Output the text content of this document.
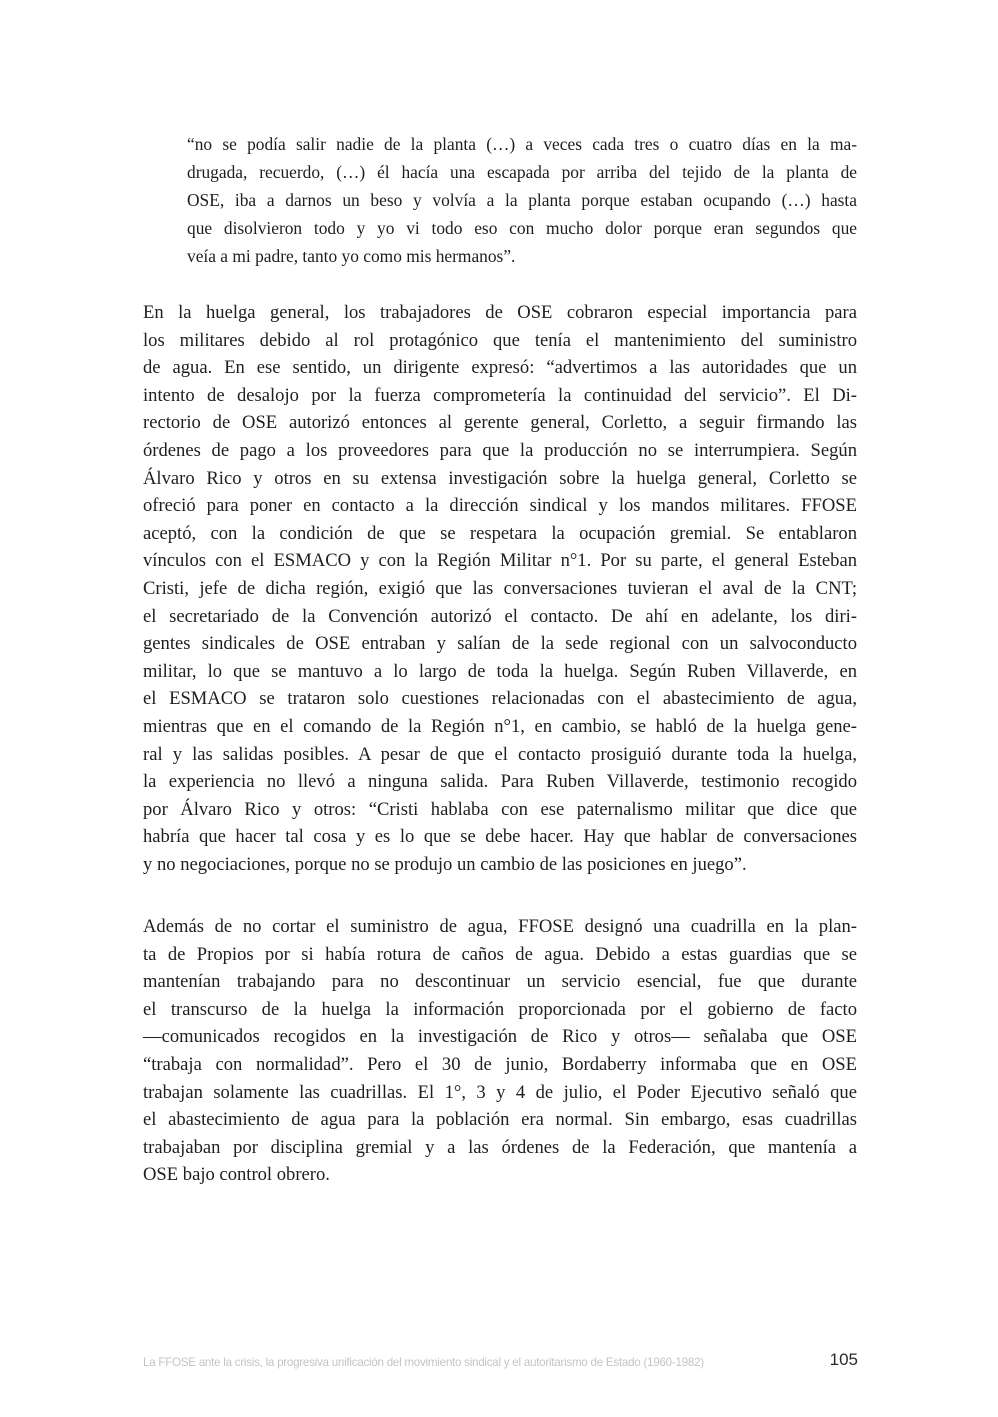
“no se podía salir nadie de la planta (…) a veces cada tres o cuatro días en la ma-
drugada, recuerdo, (…) él hacía una escapada por arriba del tejido de la planta de
OSE, iba a darnos un beso y volvía a la planta porque estaban ocupando (…) hasta
que disolvieron todo y yo vi todo eso con mucho dolor porque eran segundos que
veía a mi padre, tanto yo como mis hermanos”.
En la huelga general, los trabajadores de OSE cobraron especial importancia para
los militares debido al rol protagónico que tenía el mantenimiento del suministro
de agua. En ese sentido, un dirigente expresó: “advertimos a las autoridades que un
intento de desalojo por la fuerza comprometería la continuidad del servicio”. El Di-
rectorio de OSE autorizó entonces al gerente general, Corletto, a seguir firmando las
órdenes de pago a los proveedores para que la producción no se interrumpiera. Según
Álvaro Rico y otros en su extensa investigación sobre la huelga general, Corletto se
ofreció para poner en contacto a la dirección sindical y los mandos militares. FFOSE
aceptó, con la condición de que se respetara la ocupación gremial. Se entablaron
vínculos con el ESMACO y con la Región Militar n°1. Por su parte, el general Esteban
Cristi, jefe de dicha región, exigió que las conversaciones tuvieran el aval de la CNT;
el secretariado de la Convención autorizó el contacto. De ahí en adelante, los diri-
gentes sindicales de OSE entraban y salían de la sede regional con un salvoconducto
militar, lo que se mantuvo a lo largo de toda la huelga. Según Ruben Villaverde, en
el ESMACO se trataron solo cuestiones relacionadas con el abastecimiento de agua,
mientras que en el comando de la Región n°1, en cambio, se habló de la huelga gene-
ral y las salidas posibles. A pesar de que el contacto prosiguió durante toda la huelga,
la experiencia no llevó a ninguna salida. Para Ruben Villaverde, testimonio recogido
por Álvaro Rico y otros: “Cristi hablaba con ese paternalismo militar que dice que
habría que hacer tal cosa y es lo que se debe hacer. Hay que hablar de conversaciones
y no negociaciones, porque no se produjo un cambio de las posiciones en juego”.
Además de no cortar el suministro de agua, FFOSE designó una cuadrilla en la plan-
ta de Propios por si había rotura de caños de agua. Debido a estas guardias que se
mantenían trabajando para no descontinuar un servicio esencial, fue que durante
el transcurso de la huelga la información proporcionada por el gobierno de facto
—comunicados recogidos en la investigación de Rico y otros— señalaba que OSE
“trabaja con normalidad”. Pero el 30 de junio, Bordaberry informaba que en OSE
trabajan solamente las cuadrillas. El 1°, 3 y 4 de julio, el Poder Ejecutivo señaló que
el abastecimiento de agua para la población era normal. Sin embargo, esas cuadrillas
trabajaban por disciplina gremial y a las órdenes de la Federación, que mantenía a
OSE bajo control obrero.
La FFOSE ante la crisis, la progresiva unificación del movimiento sindical y el autoritarismo de Estado (1960-1982)	105
